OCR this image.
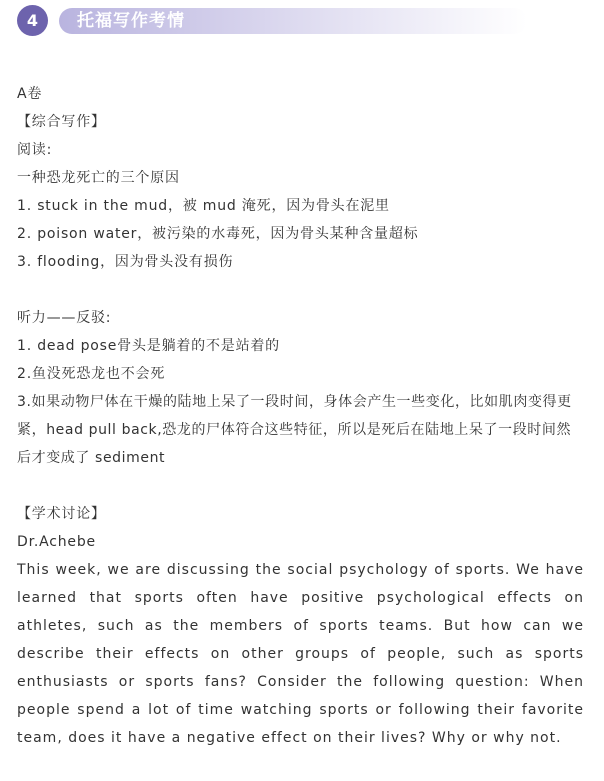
4	托福写作考情
A卷
【综合写作】
阅读:
一种恐龙死亡的三个原因
1. stuck in the mud，被 mud 淹死，因为骨头在泥里
2. poison water，被污染的水毒死，因为骨头某种含量超标
3. flooding，因为骨头没有损伤
听力——反驳:
1. dead pose骨头是躺着的不是站着的
2.鱼没死恐龙也不会死
3.如果动物尸体在干燥的陆地上呆了一段时间，身体会产生一些变化，比如肌肉变得更紧，head pull back,恐龙的尸体符合这些特征，所以是死后在陆地上呆了一段时间然后才变成了 sediment
【学术讨论】
Dr.Achebe
This week, we are discussing the social psychology of sports. We have learned that sports often have positive psychological effects on athletes, such as the members of sports teams. But how can we describe their effects on other groups of people, such as sports enthusiasts or sports fans? Consider the following question: When people spend a lot of time watching sports or following their favorite team, does it have a negative effect on their lives? Why or why not.
